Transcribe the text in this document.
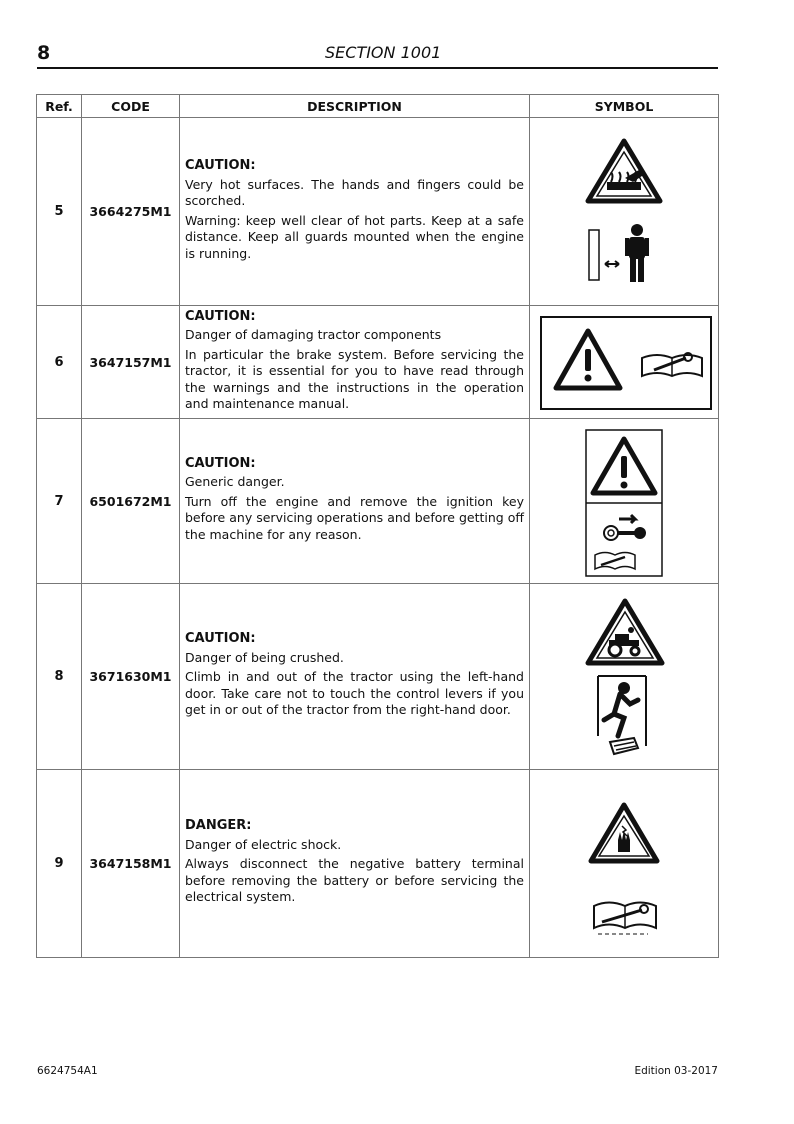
8	SECTION 1001
Ref.	CODE	DESCRIPTION	SYMBOL
5	3664275M1	CAUTION:

Very hot surfaces. The hands and fingers could be scorched.

Warning: keep well clear of hot parts. Keep at a safe distance. Keep all guards mounted when the engine is running.

6	3647157M1	CAUTION:

Danger of damaging tractor components

In particular the brake system. Before servicing the tractor, it is essential for you to have read through the warnings and the instructions in the operation and maintenance manual.

7	6501672M1	CAUTION:

Generic danger.

Turn off the engine and remove the ignition key before any servicing operations and before getting off the machine for any reason.

8	3671630M1	CAUTION:

Danger of being crushed.

Climb in and out of the tractor using the left-hand door. Take care not to touch the control levers if you get in or out of the tractor from the right-hand door.

9	3647158M1	DANGER:

Danger of electric shock.

Always disconnect the negative battery terminal before removing the battery or before servicing the electrical system.

6624754A1	Edition 03-2017
